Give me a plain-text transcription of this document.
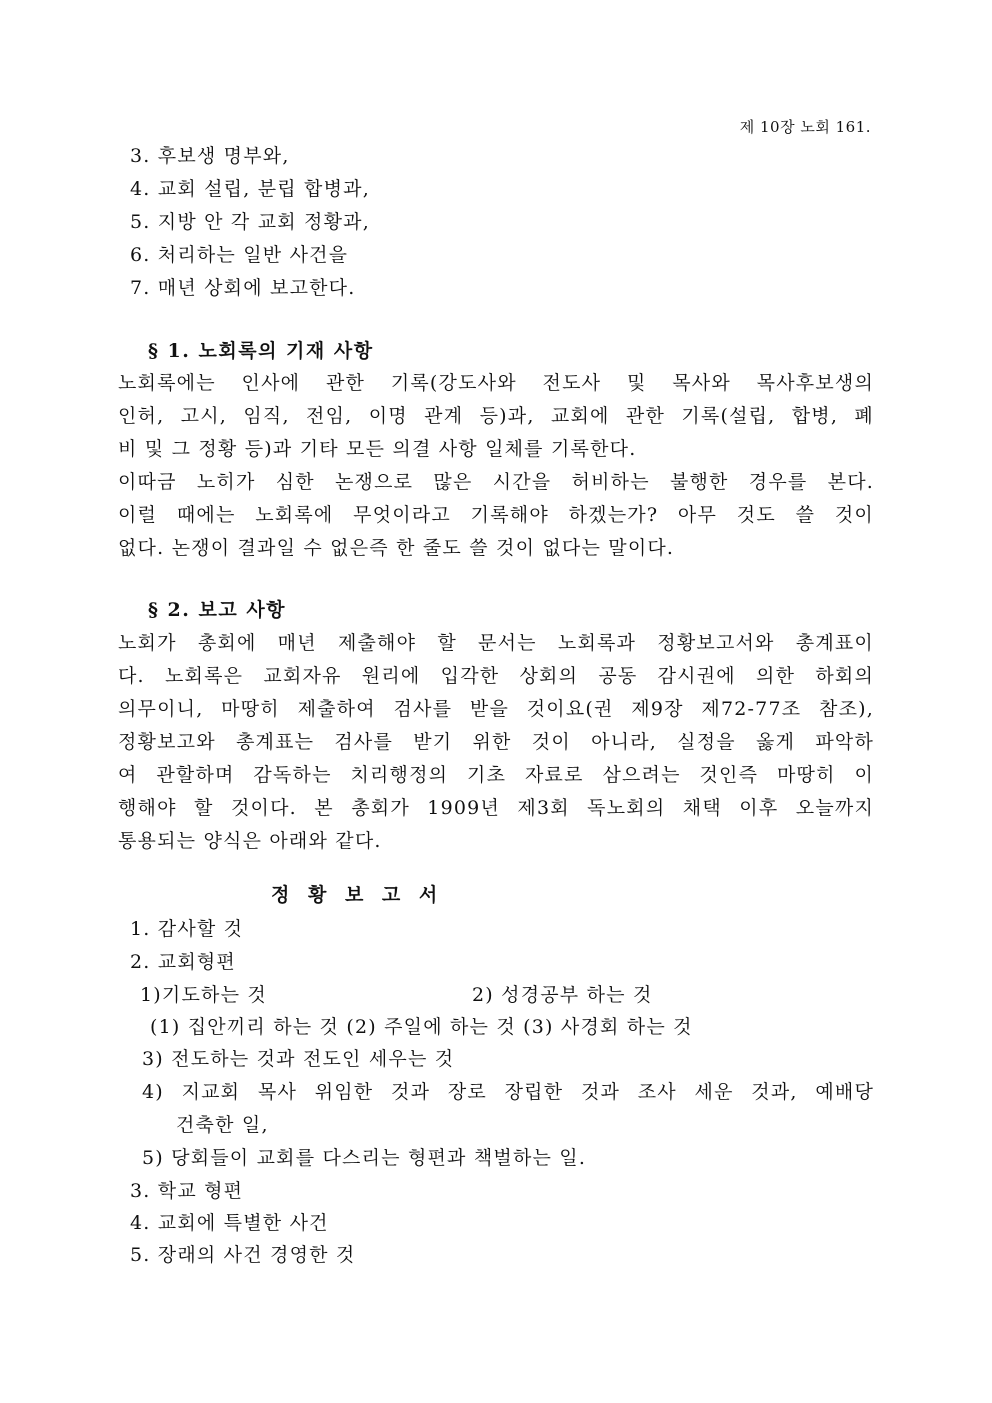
제 10장 노회 161.
3. 후보생 명부와,
4. 교회 설립, 분립 합병과,
5. 지방 안 각 교회 정황과,
6. 처리하는 일반 사건을
7. 매년 상회에 보고한다.
§ 1. 노회록의 기재 사항
노회록에는 인사에 관한 기록(강도사와 전도사 및 목사와 목사후보생의
인허, 고시, 임직, 전임, 이명 관계 등)과, 교회에 관한 기록(설립, 합병, 폐
비 및 그 정황 등)과 기타 모든 의결 사항 일체를 기록한다.
이따금 노히가 심한 논쟁으로 많은 시간을 허비하는 불행한 경우를 본다.
이럴 때에는 노회록에 무엇이라고 기록해야 하겠는가? 아무 것도 쓸 것이
없다. 논쟁이 결과일 수 없은즉 한 줄도 쓸 것이 없다는 말이다.
§ 2. 보고 사항
노회가 총회에 매년 제출해야 할 문서는 노회록과 정황보고서와 총계표이
다. 노회록은 교회자유 원리에 입각한 상회의 공동 감시권에 의한 하회의
의무이니, 마땅히 제출하여 검사를 받을 것이요(권 제9장 제72-77조 참조),
정황보고와 총계표는 검사를 받기 위한 것이 아니라, 실정을 옳게 파악하
여 관할하며 감독하는 치리행정의 기초 자료로 삼으려는 것인즉 마땅히 이
행해야 할 것이다. 본 총회가 1909년 제3회 독노회의 채택 이후 오늘까지
통용되는 양식은 아래와 같다.
정 황 보 고 서
1. 감사할 것
2. 교회형편
1)기도하는 것	2) 성경공부 하는 것
(1) 집안끼리 하는 것 (2) 주일에 하는 것 (3) 사경회 하는 것
3) 전도하는 것과 전도인 세우는 것
4) 지교회 목사 위임한 것과 장로 장립한 것과 조사 세운 것과, 예배당
건축한 일,
5) 당회들이 교회를 다스리는 형편과 책벌하는 일.
3. 학교 형편
4. 교회에 특별한 사건
5. 장래의 사건 경영한 것
